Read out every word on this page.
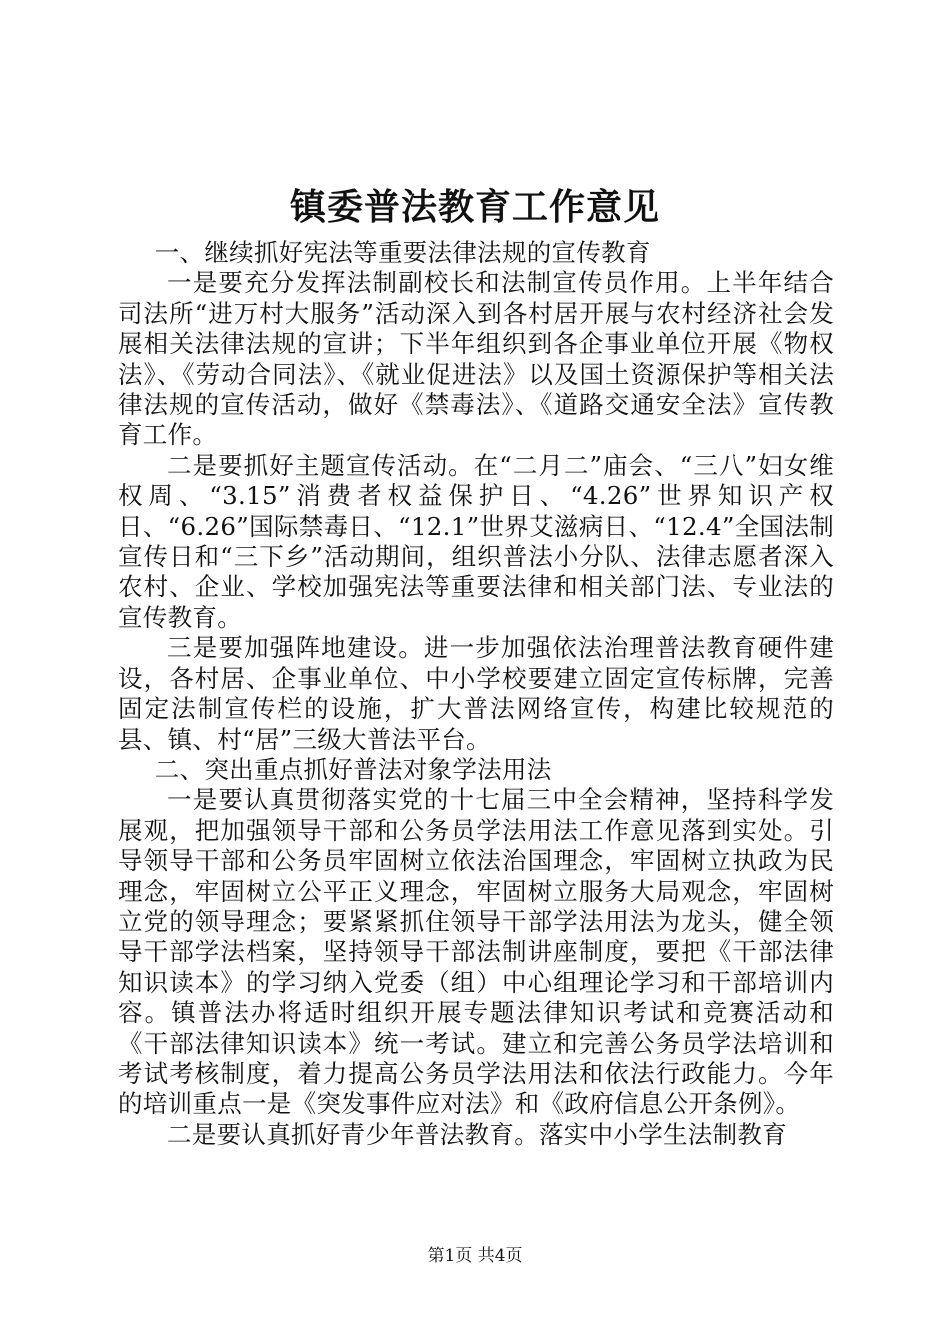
镇委普法教育工作意见

一、继续抓好宪法等重要法律法规的宣传教育

一是要充分发挥法制副校长和法制宣传员作用。上半年结合司法所“进万村大服务”活动深入到各村居开展与农村经济社会发展相关法律法规的宣讲；下半年组织到各企事业单位开展《物权法》、《劳动合同法》、《就业促进法》以及国土资源保护等相关法律法规的宣传活动，做好《禁毒法》、《道路交通安全法》宣传教育工作。

二是要抓好主题宣传活动。在“二月二”庙会、“三八”妇女维权周、“3.15”消费者权益保护日、“4.26”世界知识产权日、“6.26”国际禁毒日、“12.1”世界艾滋病日、“12.4”全国法制宣传日和“三下乡”活动期间，组织普法小分队、法律志愿者深入农村、企业、学校加强宪法等重要法律和相关部门法、专业法的宣传教育。

三是要加强阵地建设。进一步加强依法治理普法教育硬件建设，各村居、企事业单位、中小学校要建立固定宣传标牌，完善固定法制宣传栏的设施，扩大普法网络宣传，构建比较规范的县、镇、村“居”三级大普法平台。

二、突出重点抓好普法对象学法用法

一是要认真贯彻落实党的十七届三中全会精神，坚持科学发展观，把加强领导干部和公务员学法用法工作意见落到实处。引导领导干部和公务员牢固树立依法治国理念，牢固树立执政为民理念，牢固树立公平正义理念，牢固树立服务大局观念，牢固树立党的领导理念；要紧紧抓住领导干部学法用法为龙头，健全领导干部学法档案，坚持领导干部法制讲座制度，要把《干部法律知识读本》的学习纳入党委（组）中心组理论学习和干部培训内容。镇普法办将适时组织开展专题法律知识考试和竞赛活动和《干部法律知识读本》统一考试。建立和完善公务员学法培训和考试考核制度，着力提高公务员学法用法和依法行政能力。今年的培训重点一是《突发事件应对法》和《政府信息公开条例》。

二是要认真抓好青少年普法教育。落实中小学生法制教育

第1页 共4页
